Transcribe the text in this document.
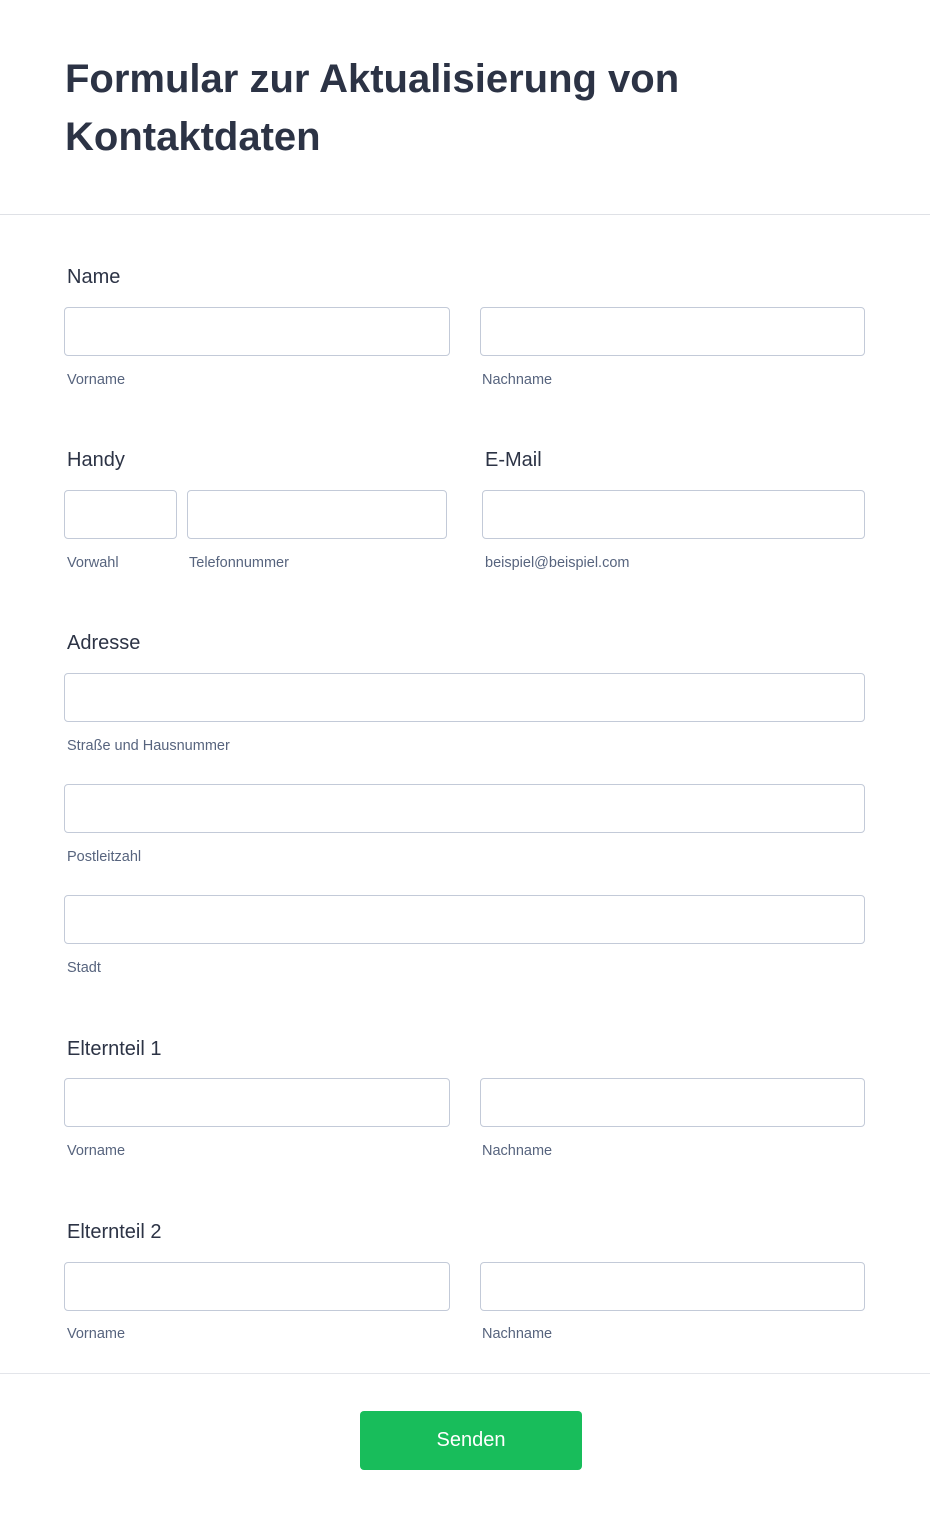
Formular zur Aktualisierung von Kontaktdaten
Name
Vorname	Nachname
Handy
Vorwahl	Telefonnummer
E-Mail
beispiel@beispiel.com
Adresse
Straße und Hausnummer
Postleitzahl
Stadt
Elternteil 1
Vorname	Nachname
Elternteil 2
Vorname	Nachname
Senden
